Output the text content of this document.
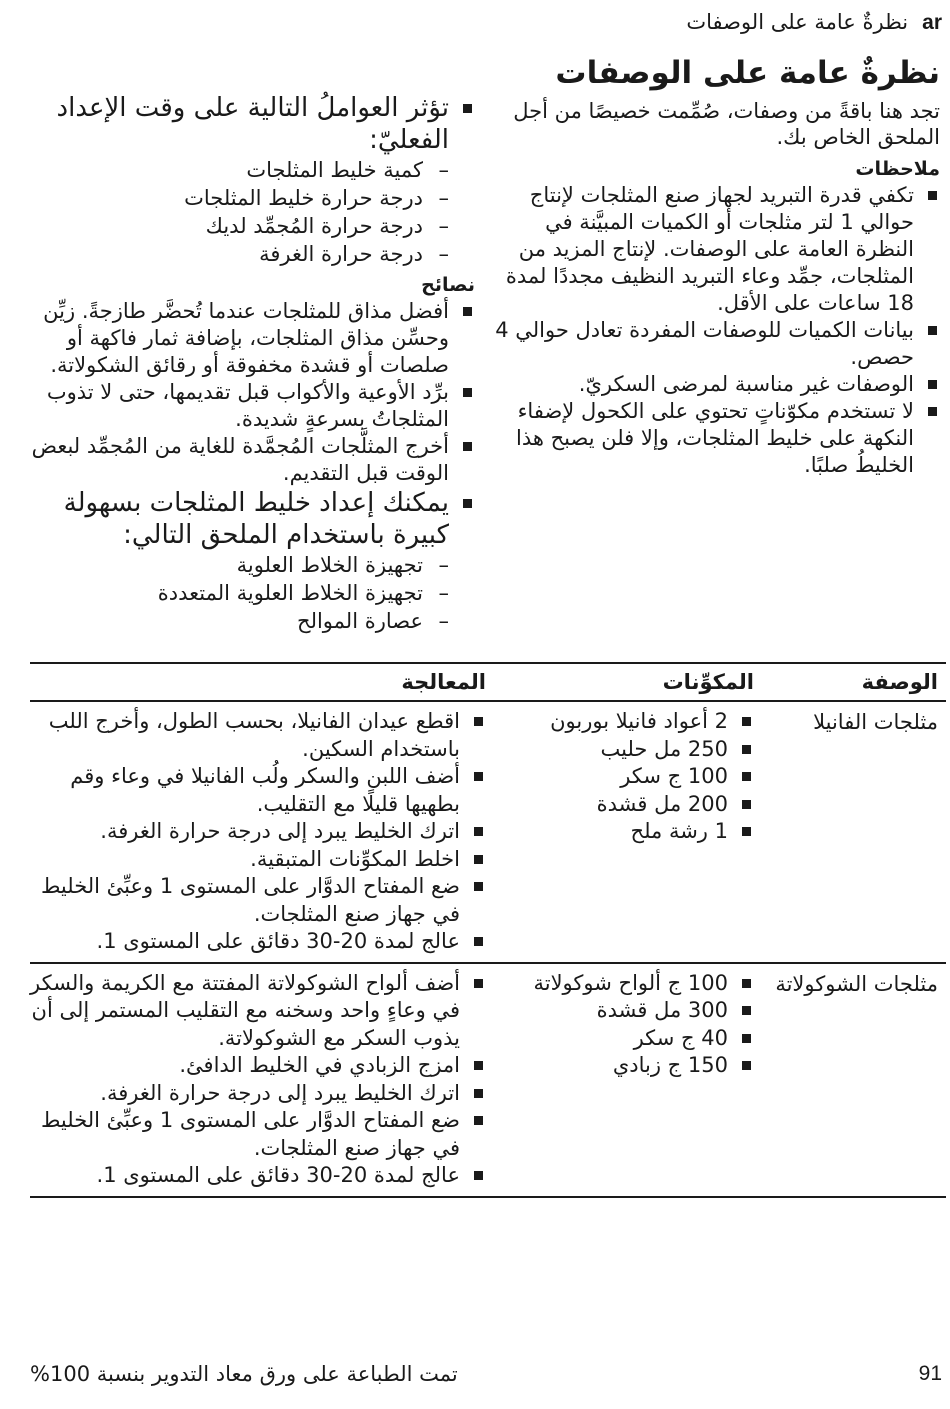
ar
نظرةٌ عامة على الوصفات
نظرةٌ عامة على الوصفات

تجد هنا باقةً من وصفات، صُمِّمت خصيصًا من أجل الملحق الخاص بك.

ملاحظات
تكفي قدرة التبريد لجهاز صنع المثلجات لإنتاج حوالي 1 لتر مثلجات أو الكميات المبيَّنة في النظرة العامة على الوصفات. لإنتاج المزيد من المثلجات، جمِّد وعاء التبريد النظيف مجددًا لمدة 18 ساعات على الأقل.
بيانات الكميات للوصفات المفردة تعادل حوالي 4 حصص.
الوصفات غير مناسبة لمرضى السكريّ.
لا تستخدم مكوّناتٍ تحتوي على الكحول لإضفاء النكهة على خليط المثلجات، وإلا فلن يصبح هذا الخليطُ صلبًا.
تؤثر العواملُ التالية على وقت الإعداد الفعليّ:
– كمية خليط المثلجات
– درجة حرارة خليط المثلجات
– درجة حرارة المُجمِّد لديك
– درجة حرارة الغرفة
نصائح
أفضل مذاق للمثلجات عندما تُحضَّر طازجةً. زيِّن وحسِّن مذاق المثلجات، بإضافة ثمار فاكهة أو صلصات أو قشدة مخفوقة أو رقائق الشكولاتة.
برِّد الأوعية والأكواب قبل تقديمها، حتى لا تذوب المثلجاتُ بسرعةٍ شديدة.
أخرج المثلَّجات المُجمَّدة للغاية من المُجمِّد لبعض الوقت قبل التقديم.
يمكنك إعداد خليط المثلجات بسهولة كبيرة باستخدام الملحق التالي:
– تجهيزة الخلاط العلوية
– تجهيزة الخلاط العلوية المتعددة
– عصارة الموالح
الوصفة
المكوِّنات
المعالجة
مثلجات الفانيلا
2 أعواد فانيلا بوربون
250 مل حليب
100 ج سكر
200 مل قشدة
1 رشة ملح
اقطع عيدان الفانيلا، بحسب الطول، وأخرج اللب باستخدام السكين.
أضف اللبن والسكر ولُب الفانيلا في وعاء وقم بطهيها قليلًا مع التقليب.
اترك الخليط يبرد إلى درجة حرارة الغرفة.
اخلط المكوِّنات المتبقية.
ضع المفتاح الدوَّار على المستوى 1 وعبِّئ الخليط في جهاز صنع المثلجات.
عالج لمدة 20-30 دقائق على المستوى 1.
مثلجات الشوكولاتة
100 ج ألواح شوكولاتة
300 مل قشدة
40 ج سكر
150 ج زبادي
أضف ألواح الشوكولاتة المفتتة مع الكريمة والسكر في وعاءٍ واحد وسخنه مع التقليب المستمر إلى أن يذوب السكر مع الشوكولاتة.
امزج الزبادي في الخليط الدافئ.
اترك الخليط يبرد إلى درجة حرارة الغرفة.
ضع المفتاح الدوَّار على المستوى 1 وعبِّئ الخليط في جهاز صنع المثلجات.
عالج لمدة 20-30 دقائق على المستوى 1.
91
تمت الطباعة على ورق معاد التدوير بنسبة 100%
